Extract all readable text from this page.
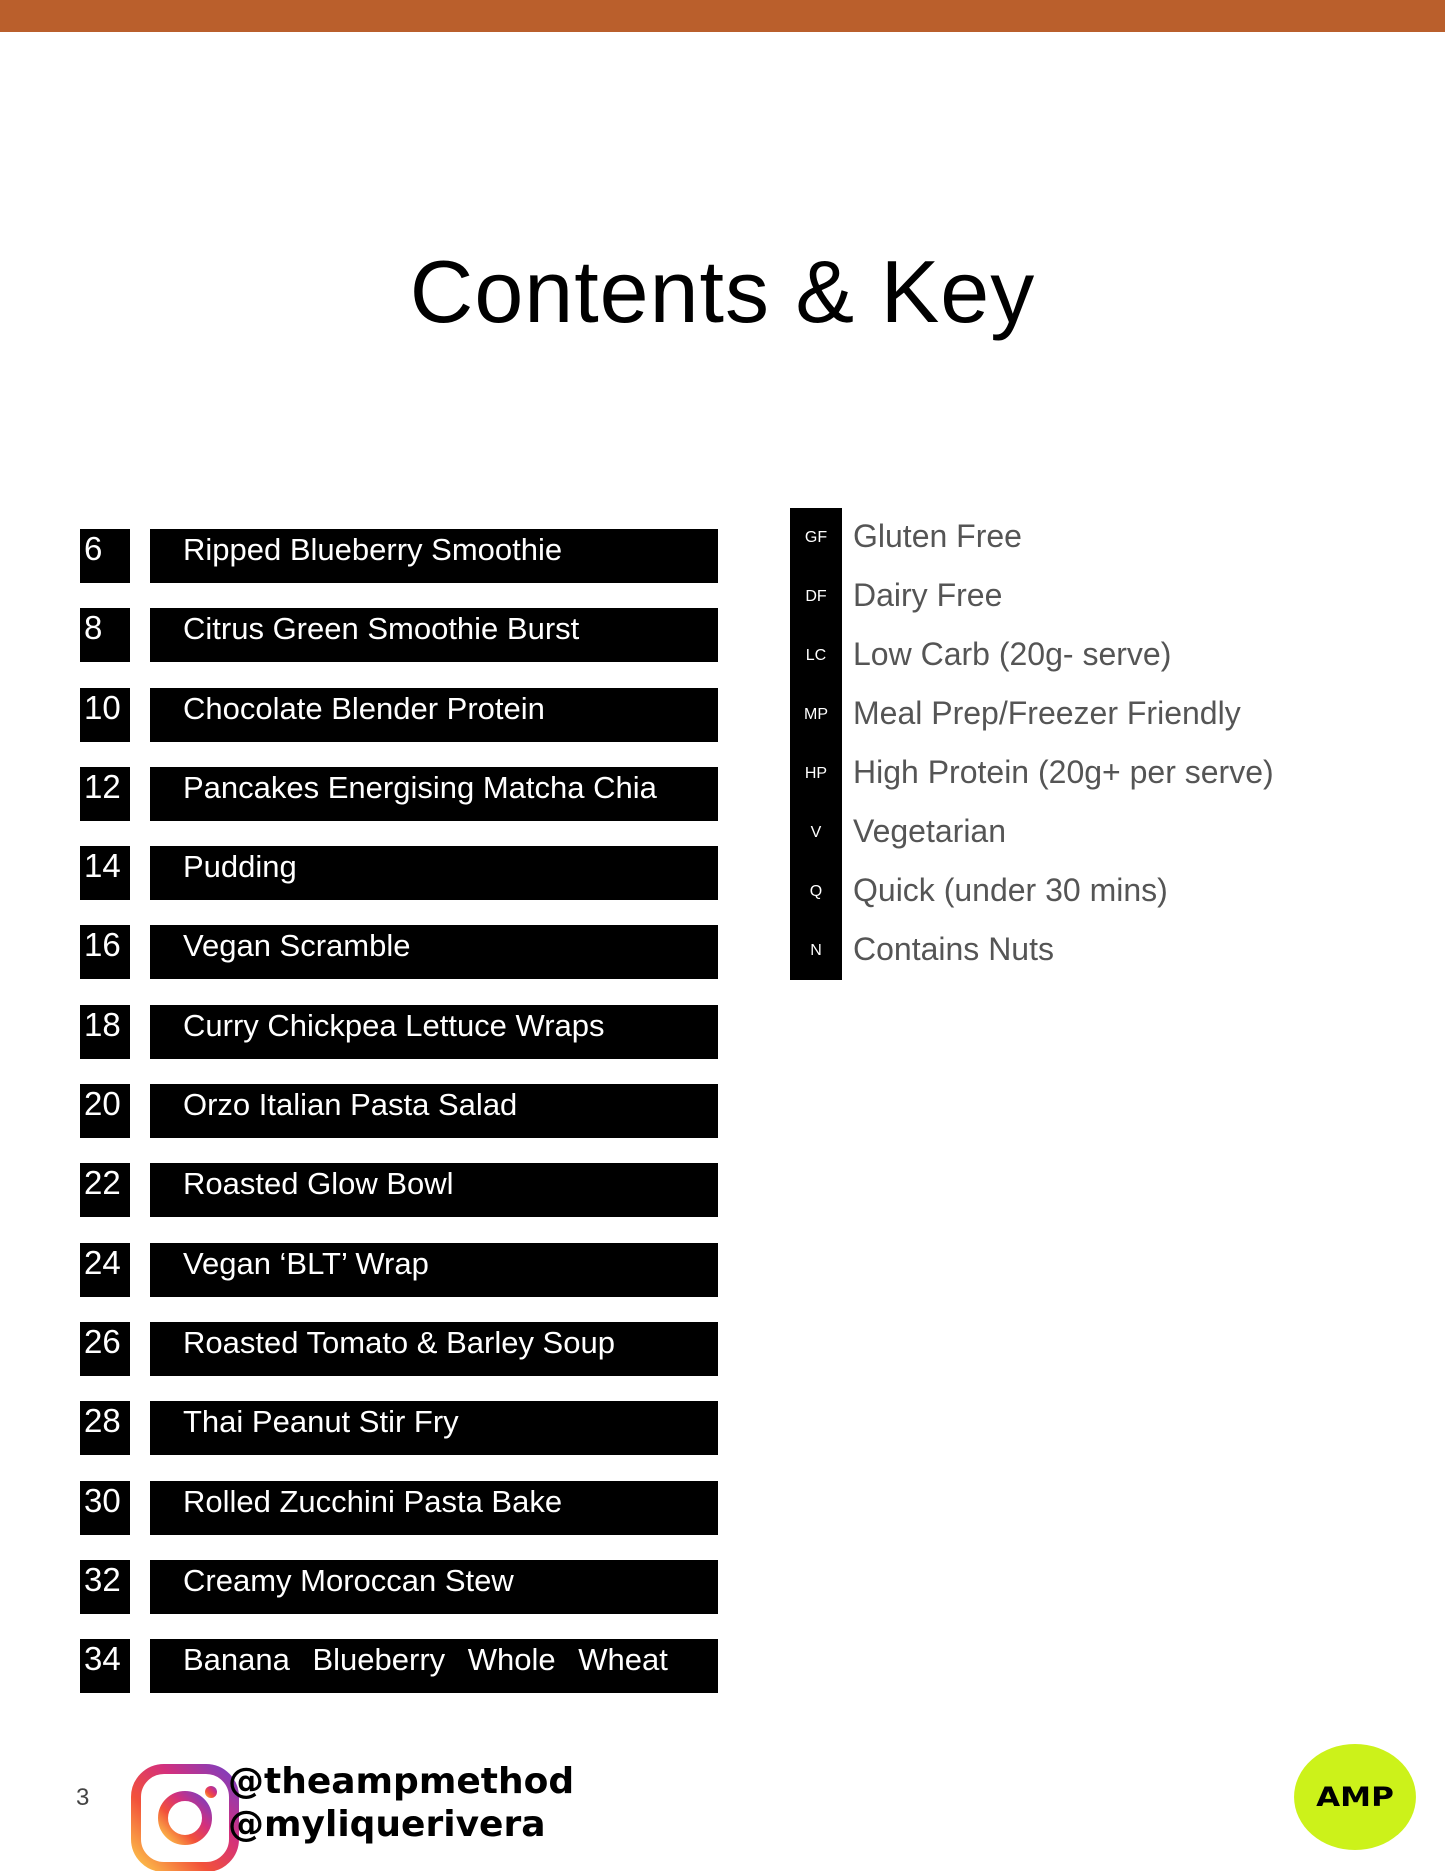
Contents & Key
6	Ripped Blueberry Smoothie
8	Citrus Green Smoothie Burst
10	Chocolate Blender Protein
12	Pancakes Energising Matcha Chia
14	Pudding
16	Vegan Scramble
18	Curry Chickpea Lettuce Wraps
20	Orzo Italian Pasta Salad
22	Roasted Glow Bowl
24	Vegan ‘BLT’ Wrap
26	Roasted Tomato & Barley Soup
28	Thai Peanut Stir Fry
30	Rolled Zucchini Pasta Bake
32	Creamy Moroccan Stew
34	Banana Blueberry Whole Wheat
GF Gluten Free
DF Dairy Free
LC Low Carb (20g- serve)
MP Meal Prep/Freezer Friendly
HP High Protein (20g+ per serve)
V Vegetarian
Q Quick (under 30 mins)
N Contains Nuts
3	@theampmethod
@myliquerivera
AMP
